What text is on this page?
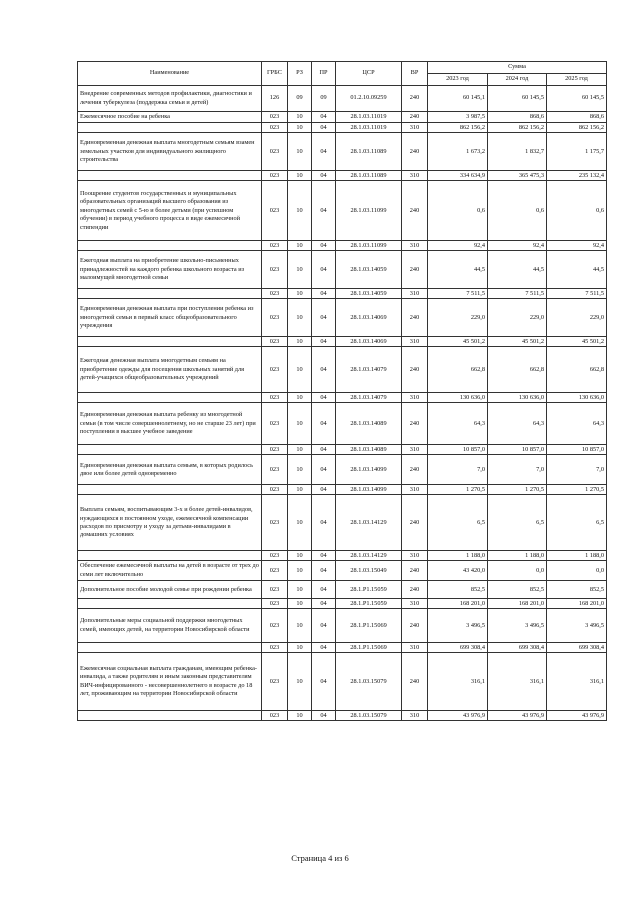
Наименование	ГРБС	РЗ	ПР	ЦСР	ВР	Сумма		
						2023 год	2024 год	2025 год
Внедрение современных методов профилактики, диагностики и лечения туберкулеза (поддержка семьи и детей)	126	09	09	01.2.10.09259	240	60 145,1	60 145,5	60 145,5
Ежемесячное пособие на ребенка	023	10	04	28.1.03.11019	240	3 987,5	868,6	868,6
	023	10	04	28.1.03.11019	310	862 156,2	862 156,2	862 156,2
Единовременная денежная выплата многодетным семьям взамен земельных участков для индивидуального жилищного строительства	023	10	04	28.1.03.11089	240	1 673,2	1 832,7	1 175,7
	023	10	04	28.1.03.11089	310	334 634,9	365 475,3	235 132,4
Поощрение студентов государственных и муниципальных образовательных организаций высшего образования из многодетных семей с 5-ю и более детьми (при успешном обучении) в период учебного процесса в виде ежемесячной стипендии	023	10	04	28.1.03.11099	240	0,6	0,6	0,6
	023	10	04	28.1.03.11099	310	92,4	92,4	92,4
Ежегодная выплата на приобретение школьно-письменных принадлежностей на каждого ребенка школьного возраста из малоимущей многодетной семьи	023	10	04	28.1.03.14059	240	44,5	44,5	44,5
	023	10	04	28.1.03.14059	310	7 511,5	7 511,5	7 511,5
Единовременная денежная выплата при поступлении ребенка из многодетной семьи в первый класс общеобразовательного учреждения	023	10	04	28.1.03.14069	240	229,0	229,0	229,0
	023	10	04	28.1.03.14069	310	45 501,2	45 501,2	45 501,2
Ежегодная денежная выплата многодетным семьям на приобретение одежды для посещения школьных занятий для детей-учащихся общеобразовательных учреждений	023	10	04	28.1.03.14079	240	662,8	662,8	662,8
	023	10	04	28.1.03.14079	310	130 636,0	130 636,0	130 636,0
Единовременная денежная выплата ребенку из многодетной семьи (в том числе совершеннолетнему, но не старше 23 лет) при поступлении в высшее учебное заведение	023	10	04	28.1.03.14089	240	64,3	64,3	64,3
	023	10	04	28.1.03.14089	310	10 857,0	10 857,0	10 857,0
Единовременная денежная выплата семьям, в которых родилось двое или более детей одновременно	023	10	04	28.1.03.14099	240	7,0	7,0	7,0
	023	10	04	28.1.03.14099	310	1 270,5	1 270,5	1 270,5
Выплата семьям, воспитывающим 3-х и более детей-инвалидов, нуждающихся в постоянном уходе, ежемесячной компенсации расходов по присмотру и уходу за детьми-инвалидами в домашних условиях	023	10	04	28.1.03.14129	240	6,5	6,5	6,5
	023	10	04	28.1.03.14129	310	1 188,0	1 188,0	1 188,0
Обеспечение ежемесячной выплаты на детей в возрасте от трех до семи лет включительно	023	10	04	28.1.03.15049	240	43 420,0	0,0	0,0
Дополнительное пособие молодой семье при рождении ребенка	023	10	04	28.1.P1.15059	240	852,5	852,5	852,5
	023	10	04	28.1.P1.15059	310	168 201,0	168 201,0	168 201,0
Дополнительные меры социальной поддержки многодетных семей, имеющих детей, на территории Новосибирской области	023	10	04	28.1.P1.15069	240	3 496,5	3 496,5	3 496,5
	023	10	04	28.1.P1.15069	310	699 308,4	699 308,4	699 308,4
Ежемесячная социальная выплата гражданам, имеющим ребенка-инвалида, а также родителям и иным законным представителям ВИЧ-инфицированного - несовершеннолетнего в возрасте до 18 лет, проживающим на территории Новосибирской области	023	10	04	28.1.03.15079	240	316,1	316,1	316,1
	023	10	04	28.1.03.15079	310	43 976,9	43 976,9	43 976,9
Страница 4 из 6
